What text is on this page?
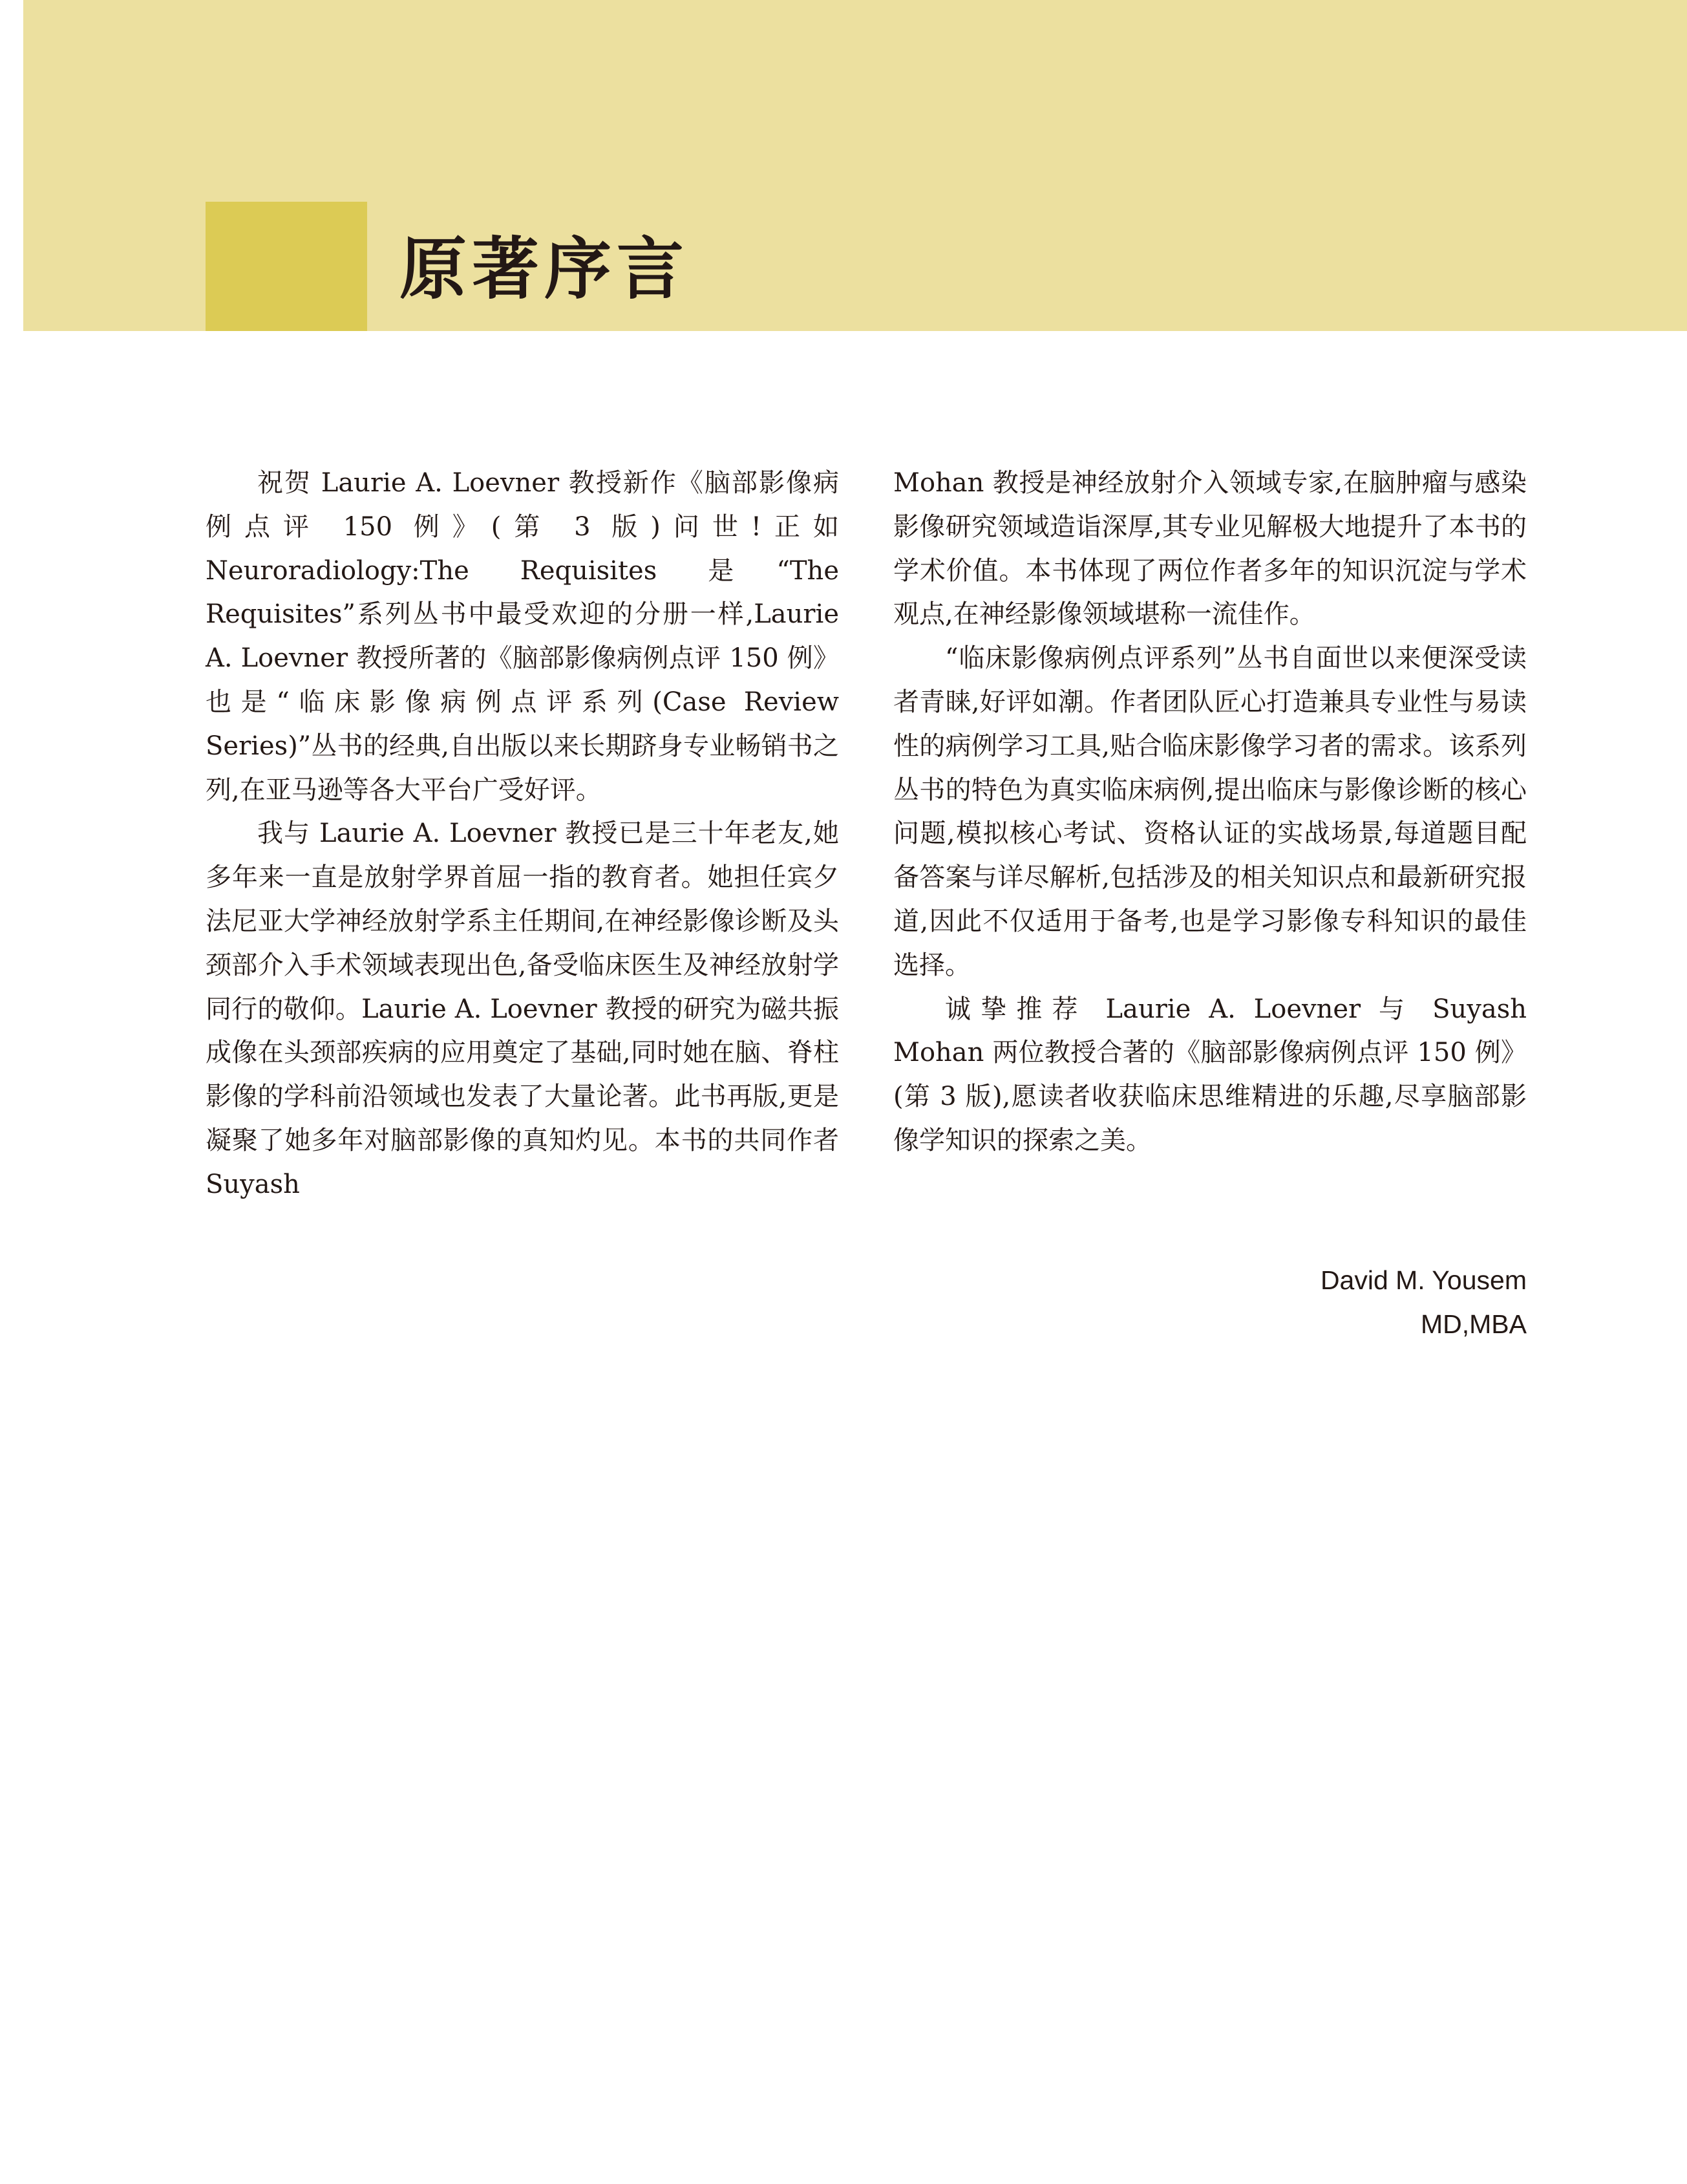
原著序言

祝贺 Laurie A. Loevner 教授新作《脑部影像病例点评 150 例》(第 3 版)问世!正如 Neuroradiology:The Requisites 是“The Requisites”系列丛书中最受欢迎的分册一样,Laurie A. Loevner 教授所著的《脑部影像病例点评 150 例》也是“临床影像病例点评系列(Case Review Series)”丛书的经典,自出版以来长期跻身专业畅销书之列,在亚马逊等各大平台广受好评。

我与 Laurie A. Loevner 教授已是三十年老友,她多年来一直是放射学界首屈一指的教育者。她担任宾夕法尼亚大学神经放射学系主任期间,在神经影像诊断及头颈部介入手术领域表现出色,备受临床医生及神经放射学同行的敬仰。Laurie A. Loevner 教授的研究为磁共振成像在头颈部疾病的应用奠定了基础,同时她在脑、脊柱影像的学科前沿领域也发表了大量论著。此书再版,更是凝聚了她多年对脑部影像的真知灼见。本书的共同作者 Suyash

Mohan 教授是神经放射介入领域专家,在脑肿瘤与感染影像研究领域造诣深厚,其专业见解极大地提升了本书的学术价值。本书体现了两位作者多年的知识沉淀与学术观点,在神经影像领域堪称一流佳作。

“临床影像病例点评系列”丛书自面世以来便深受读者青睐,好评如潮。作者团队匠心打造兼具专业性与易读性的病例学习工具,贴合临床影像学习者的需求。该系列丛书的特色为真实临床病例,提出临床与影像诊断的核心问题,模拟核心考试、资格认证的实战场景,每道题目配备答案与详尽解析,包括涉及的相关知识点和最新研究报道,因此不仅适用于备考,也是学习影像专科知识的最佳选择。

诚挚推荐 Laurie A. Loevner 与 Suyash Mohan 两位教授合著的《脑部影像病例点评 150 例》(第 3 版),愿读者收获临床思维精进的乐趣,尽享脑部影像学知识的探索之美。

David M. Yousem
MD,MBA
